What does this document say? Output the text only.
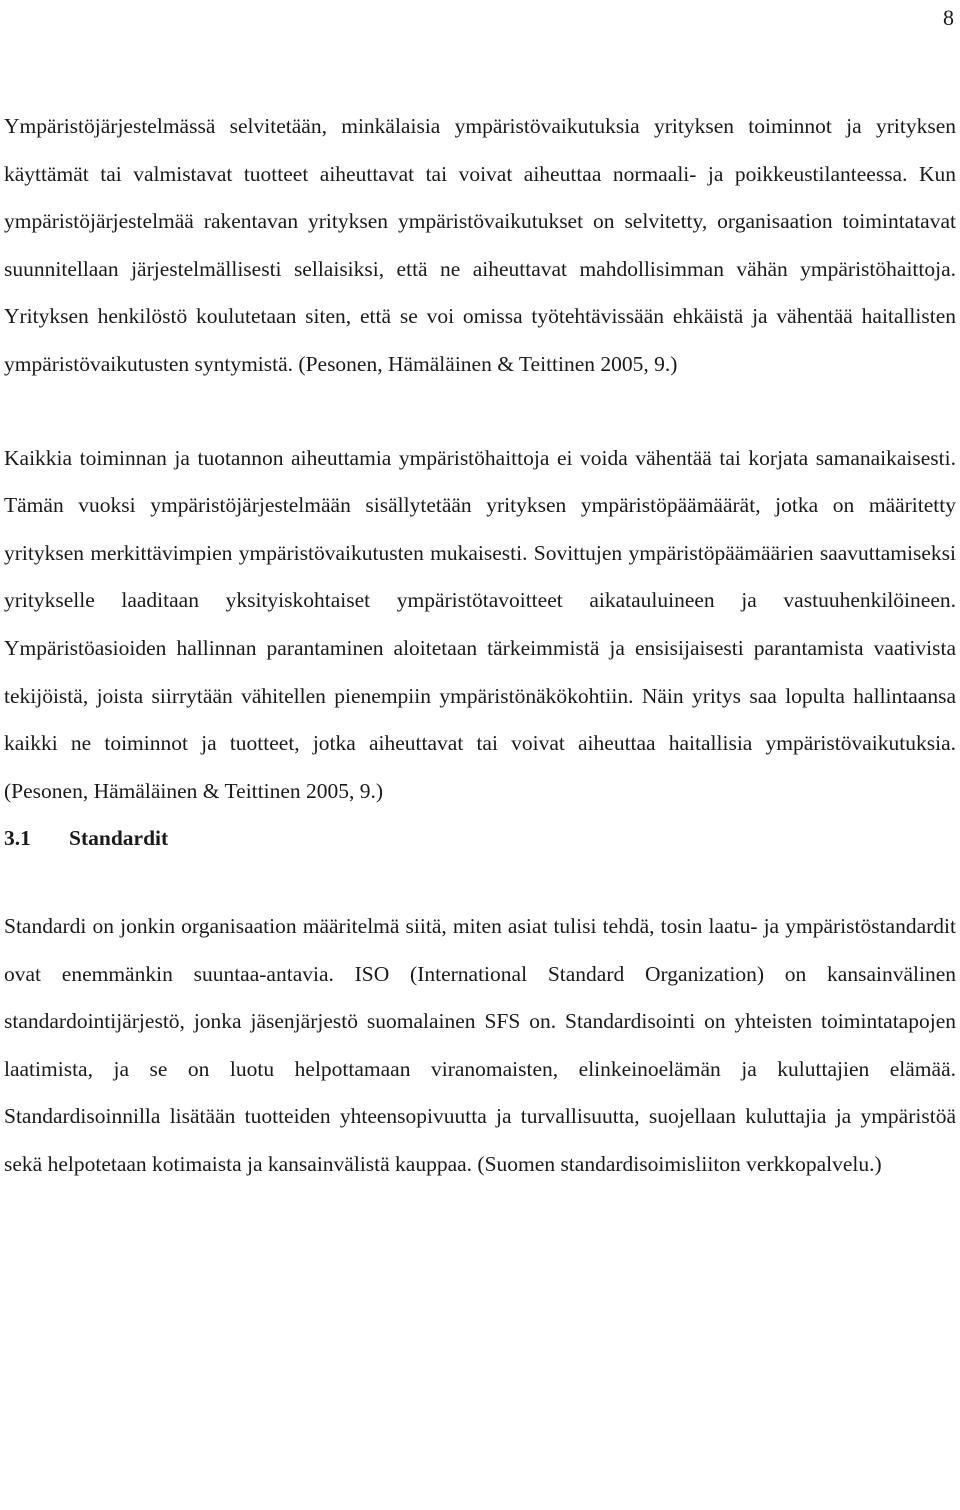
8

Ympäristöjärjestelmässä selvitetään, minkälaisia ympäristövaikutuksia yrityksen toiminnot ja yrityksen käyttämät tai valmistavat tuotteet aiheuttavat tai voivat aiheuttaa normaali- ja poikkeustilanteessa. Kun ympäristöjärjestelmää rakentavan yrityksen ympäristövaikutukset on selvitetty, organisaation toimintatavat suunnitellaan järjestelmällisesti sellaisiksi, että ne aiheuttavat mahdollisimman vähän ympäristöhaittoja. Yrityksen henkilöstö koulutetaan siten, että se voi omissa työtehtävissään ehkäistä ja vähentää haitallisten ympäristövaikutusten syntymistä. (Pesonen, Hämäläinen & Teittinen 2005, 9.)

Kaikkia toiminnan ja tuotannon aiheuttamia ympäristöhaittoja ei voida vähentää tai korjata samanaikaisesti. Tämän vuoksi ympäristöjärjestelmään sisällytetään yrityksen ympäristöpäämäärät, jotka on määritetty yrityksen merkittävimpien ympäristövaikutusten mukaisesti. Sovittujen ympäristöpäämäärien saavuttamiseksi yritykselle laaditaan yksityiskohtaiset ympäristötavoitteet aikatauluineen ja vastuuhenkilöineen. Ympäristöasioiden hallinnan parantaminen aloitetaan tärkeimmistä ja ensisijaisesti parantamista vaativista tekijöistä, joista siirrytään vähitellen pienempiin ympäristönäkökohtiin. Näin yritys saa lopulta hallintaansa kaikki ne toiminnot ja tuotteet, jotka aiheuttavat tai voivat aiheuttaa haitallisia ympäristövaikutuksia. (Pesonen, Hämäläinen & Teittinen 2005, 9.)

3.1	Standardit

Standardi on jonkin organisaation määritelmä siitä, miten asiat tulisi tehdä, tosin laatu- ja ympäristöstandardit ovat enemmänkin suuntaa-antavia. ISO (International Standard Organization) on kansainvälinen standardointijärjestö, jonka jäsenjärjestö suomalainen SFS on. Standardisointi on yhteisten toimintatapojen laatimista, ja se on luotu helpottamaan viranomaisten, elinkeinoelämän ja kuluttajien elämää. Standardisoinnilla lisätään tuotteiden yhteensopivuutta ja turvallisuutta, suojellaan kuluttajia ja ympäristöä sekä helpotetaan kotimaista ja kansainvälistä kauppaa. (Suomen standardisoimisliiton verkkopalvelu.)
